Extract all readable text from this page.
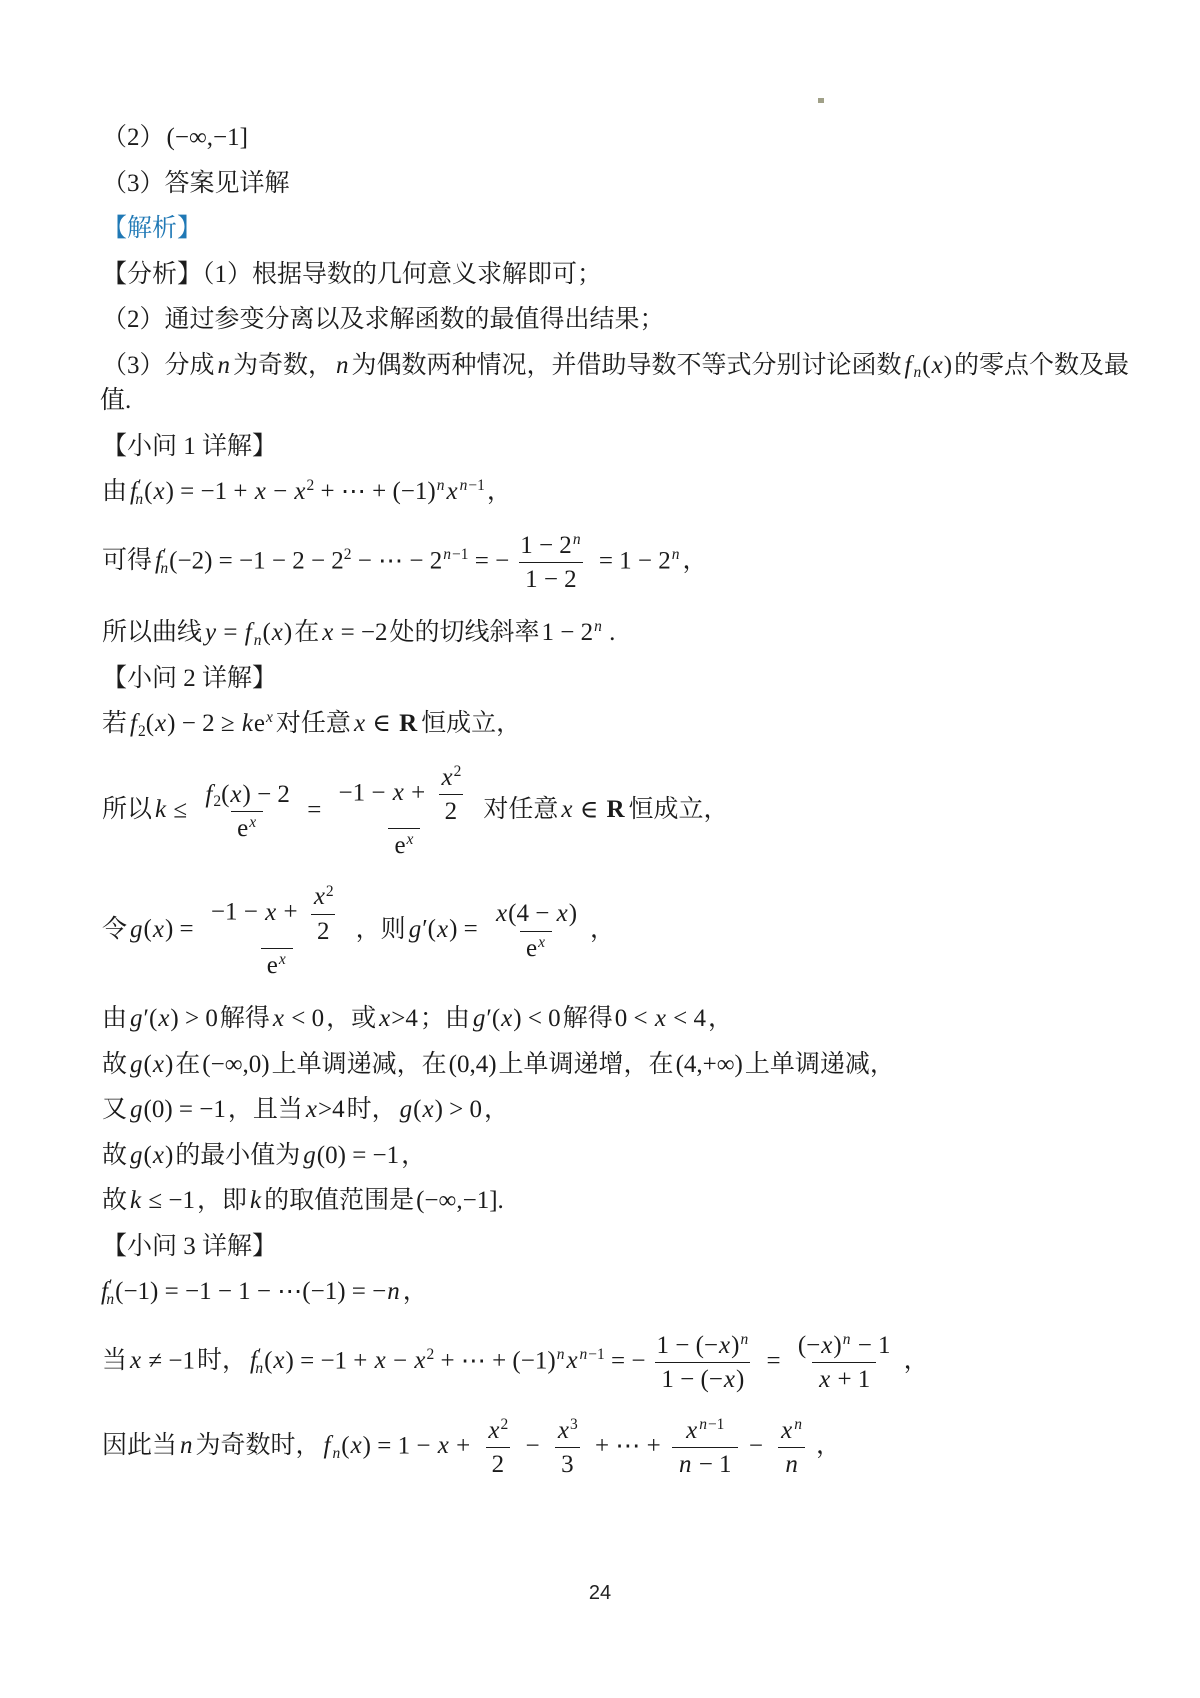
（2）(−∞,−1]

（3）答案见详解

【解析】

【分析】（1）根据导数的几何意义求解即可；

（2）通过参变分离以及求解函数的最值得出结果；

（3）分成 n 为奇数， n 为偶数两种情况，并借助导数不等式分别讨论函数 f $_n$(x)的零点个数及最值.

【小问 1 详解】

由 $f'_n(x) = -1 + x - x^2$ + ⋯ + $(-1)^nx$ $^{n-1}$，

可得 $f'_n(-2) = -1 - 2 - 2^2$ − ⋯ − $2^{n-1}$ = − $\frac{1 - 2^n}{1 - 2} = 1 - 2^n$ ，

所以曲线 y = f $_n$(x)在 x = −2处的切线斜率$1 - 2^n$ .

【小问 2 详解】

若 $f_2(x) - 2 \ge ke^x$ 对任意 x ∈ R 恒成立，

所以 $k \le \frac{f_2(x) - 2}{e^x} = \frac{-1 - x + \frac{x^2}{2}}{e^x}$ 对任意 x ∈ R 恒成立，

令 $g(x) = \frac{-1 - x + \frac{x^2}{2}}{e^x}$ ，则 $g'(x) = \frac{x(4 - x)}{e^x}$ ，

由 g′(x) > 0解得 x < 0，或 x>4；由 g′(x) < 0解得0 < x < 4，

故 g(x)在(−∞,0)上单调递减，在(0,4)上单调递增，在(4,+∞)上单调递减，

又 g(0) = −1，且当 x>4时， g(x) > 0，

故 g(x)的最小值为 g(0) = −1，

故 k ≤ −1，即 k 的取值范围是(−∞,−1].

【小问 3 详解】

$f'_n(-1) = -1 - 1$ − ⋯(−1) = −n ，

当 x ≠ −1时， $f'_n(x) = -1 + x - x^2$ + ⋯ + $(-1)^nx$ $^{n-1}$ = − $\frac{1 - (-x)^n}{1 - (-x)} = \frac{(-x)^n - 1}{x + 1}$ ，

因此当 n 为奇数时， f $_n(x) = 1 - x + \frac{x^2}{2} - \frac{x^3}{3}$ + ⋯ + $\frac{x ^{n-1}}{n - 1} - \frac{x ^n}{n}$ ，

24
